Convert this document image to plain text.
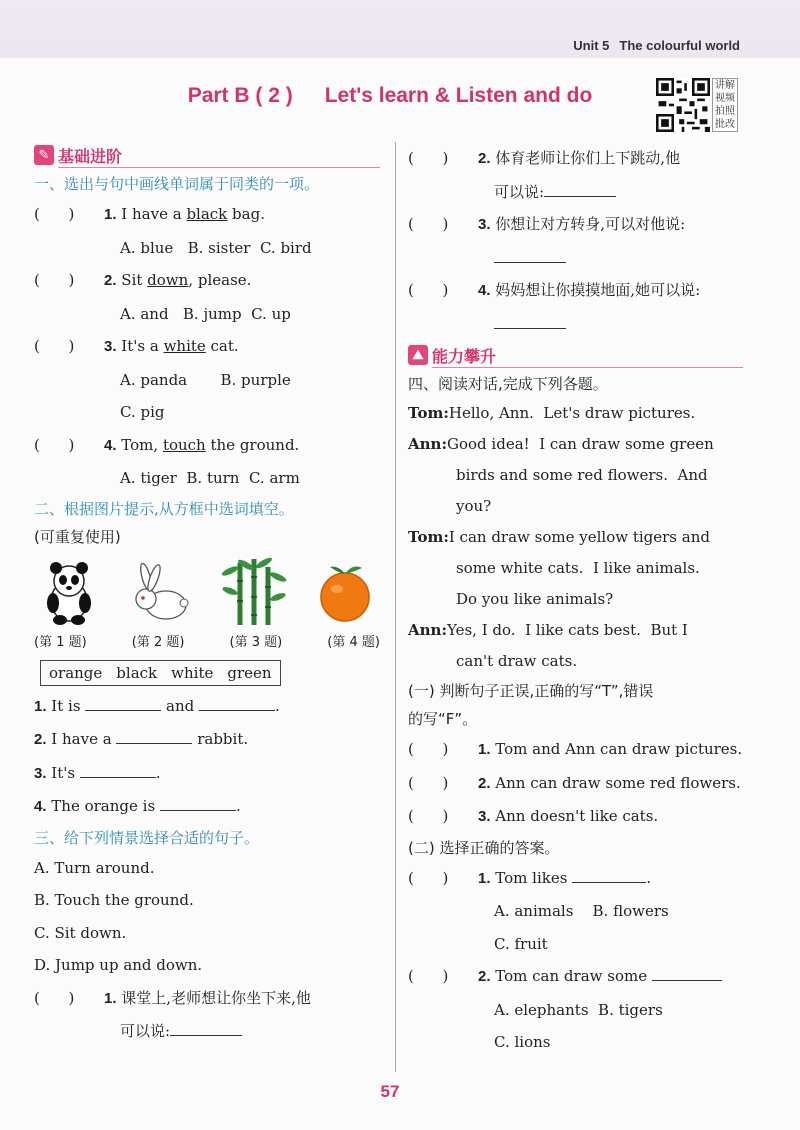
Unit 5 The colourful world
Part B ( 2 ) Let's learn & Listen and do	讲解视频拍照批改
✎ 基础进阶
一、选出与句中画线单词属于同类的一项。
(      ) 1. I have a black bag.
A. blue   B. sister  C. bird
(      ) 2. Sit down, please.
A. and   B. jump  C. up
(      ) 3. It's a white cat.
A. panda       B. purple
C. pig
(      ) 4. Tom, touch the ground.
A. tiger  B. turn  C. arm
二、根据图片提示,从方框中选词填空。
(可重复使用)
(第 1 题)	(第 2 题)	(第 3 题)	(第 4 题)
orange black white green
1. It is	and	.
2. I have a	rabbit.
3. It's	.
4. The orange is	.
三、给下列情景选择合适的句子。
A. Turn around.
B. Touch the ground.
C. Sit down.
D. Jump up and down.
(      ) 1. 课堂上,老师想让你坐下来,他
可以说:
(      ) 2. 体育老师让你们上下跳动,他
可以说:
(      ) 3. 你想让对方转身,可以对他说:
(      ) 4. 妈妈想让你摸摸地面,她可以说:
⛰ 能力攀升
四、阅读对话,完成下列各题。
Tom:Hello, Ann.  Let's draw pictures.
Ann:Good idea!  I can draw some green
birds and some red flowers.  And
you?
Tom:I can draw some yellow tigers and
some white cats.  I like animals.
Do you like animals?
Ann:Yes, I do.  I like cats best.  But I
can't draw cats.
(一) 判断句子正误,正确的写“T”,错误
的写“F”。
(      ) 1. Tom and Ann can draw pictures.
(      ) 2. Ann can draw some red flowers.
(      ) 3. Ann doesn't like cats.
(二) 选择正确的答案。
(      ) 1. Tom likes	.
A. animals    B. flowers
C. fruit
(      ) 2. Tom can draw some
A. elephants  B. tigers
C. lions
57
